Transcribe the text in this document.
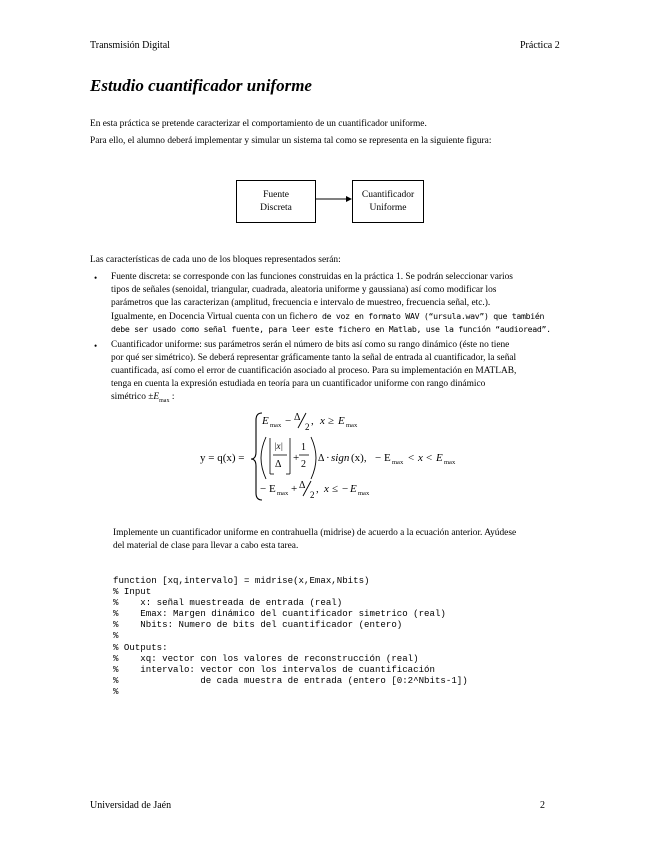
Transmisión Digital	Práctica 2
Estudio cuantificador uniforme
En esta práctica se pretende caracterizar el comportamiento de un cuantificador uniforme.
Para ello, el alumno deberá implementar y simular un sistema tal como se representa en la siguiente figura:
Fuente
Discreta
Cuantificador
Uniforme
Las características de cada uno de los bloques representados serán:
• Fuente discreta: se corresponde con las funciones construidas en la práctica 1. Se podrán seleccionar varios
tipos de señales (senoidal, triangular, cuadrada, aleatoria uniforme y gaussiana) así como modificar los
parámetros que las caracterizan (amplitud, frecuencia e intervalo de muestreo, frecuencia señal, etc.).
Igualmente, en Docencia Virtual cuenta con un fichero de voz en formato WAV (“ursula.wav”) que también
debe ser usado como señal fuente, para leer este fichero en Matlab, use la función “audioread”.
• Cuantificador uniforme: sus parámetros serán el número de bits así como su rango dinámico (éste no tiene
por qué ser simétrico). Se deberá representar gráficamente tanto la señal de entrada al cuantificador, la señal
cuantificada, así como el error de cuantificación asociado al proceso. Para su implementación en MATLAB,
tenga en cuenta la expresión estudiada en teoría para un cuantificador uniforme con rango dinámico
simétrico $\pm E_{max}$ :
y = q(x) =
E max − Δ
2 , x ≥ E max
|x|
Δ
+
1
2
Δ · sign (x), − E max < x < E max
− E max + Δ
2 , x ≤ − E max
Implemente un cuantificador uniforme en contrahuella (midrise) de acuerdo a la ecuación anterior. Ayúdese
del material de clase para llevar a cabo esta tarea.
function [xq,intervalo] = midrise(x,Emax,Nbits)
% Input
%    x: señal muestreada de entrada (real)
%    Emax: Margen dinámico del cuantificador simetrico (real)
%    Nbits: Numero de bits del cuantificador (entero)
%
% Outputs:
%    xq: vector con los valores de reconstrucción (real)
%    intervalo: vector con los intervalos de cuantificación
%               de cada muestra de entrada (entero [0:2^Nbits-1])
%
Universidad de Jaén	2
